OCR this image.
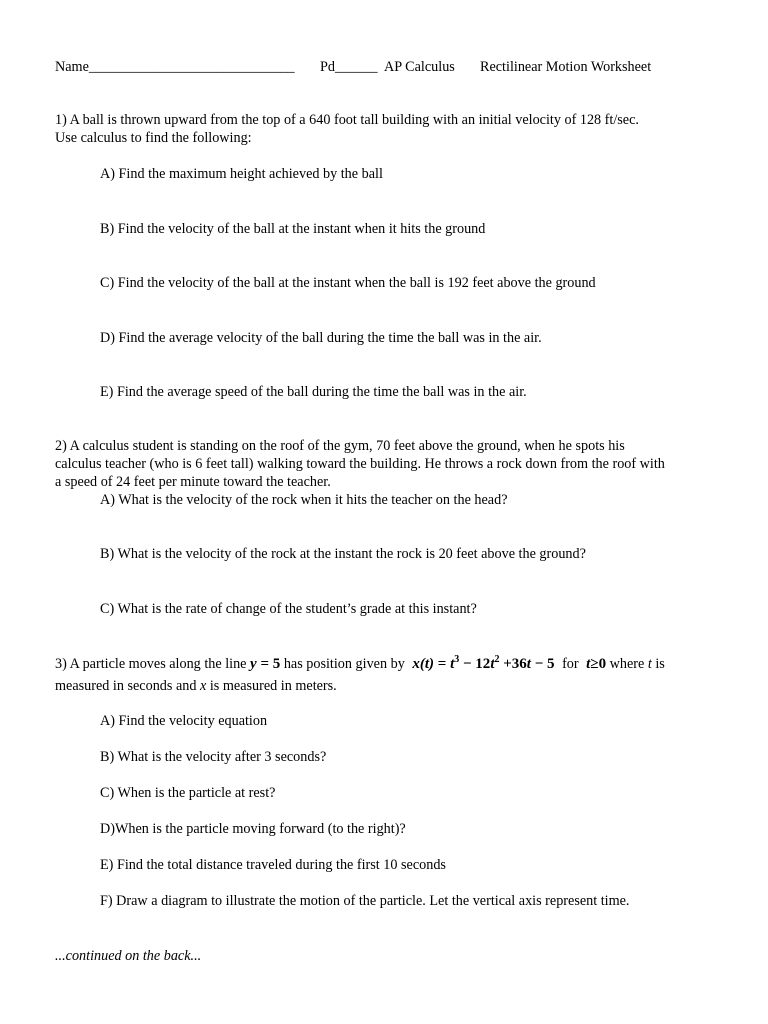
Name_____________________________ Pd______ AP Calculus Rectilinear Motion Worksheet
1) A ball is thrown upward from the top of a 640 foot tall building with an initial velocity of 128 ft/sec.
Use calculus to find the following:
A) Find the maximum height achieved by the ball
B) Find the velocity of the ball at the instant when it hits the ground
C) Find the velocity of the ball at the instant when the ball is 192 feet above the ground
D) Find the average velocity of the ball during the time the ball was in the air.
E) Find the average speed of the ball during the time the ball was in the air.
2) A calculus student is standing on the roof of the gym, 70 feet above the ground, when he spots his
calculus teacher (who is 6 feet tall) walking toward the building. He throws a rock down from the roof with
a speed of 24 feet per minute toward the teacher.
A) What is the velocity of the rock when it hits the teacher on the head?
B) What is the velocity of the rock at the instant the rock is 20 feet above the ground?
C) What is the rate of change of the student’s grade at this instant?
3) A particle moves along the line y = 5 has position given by $x(t) = t^3 - 12t^2 +36t - 5$ for t≥0 where t is
measured in seconds and x is measured in meters.
A) Find the velocity equation
B) What is the velocity after 3 seconds?
C) When is the particle at rest?
D)When is the particle moving forward (to the right)?
E) Find the total distance traveled during the first 10 seconds
F) Draw a diagram to illustrate the motion of the particle. Let the vertical axis represent time.
...continued on the back...
